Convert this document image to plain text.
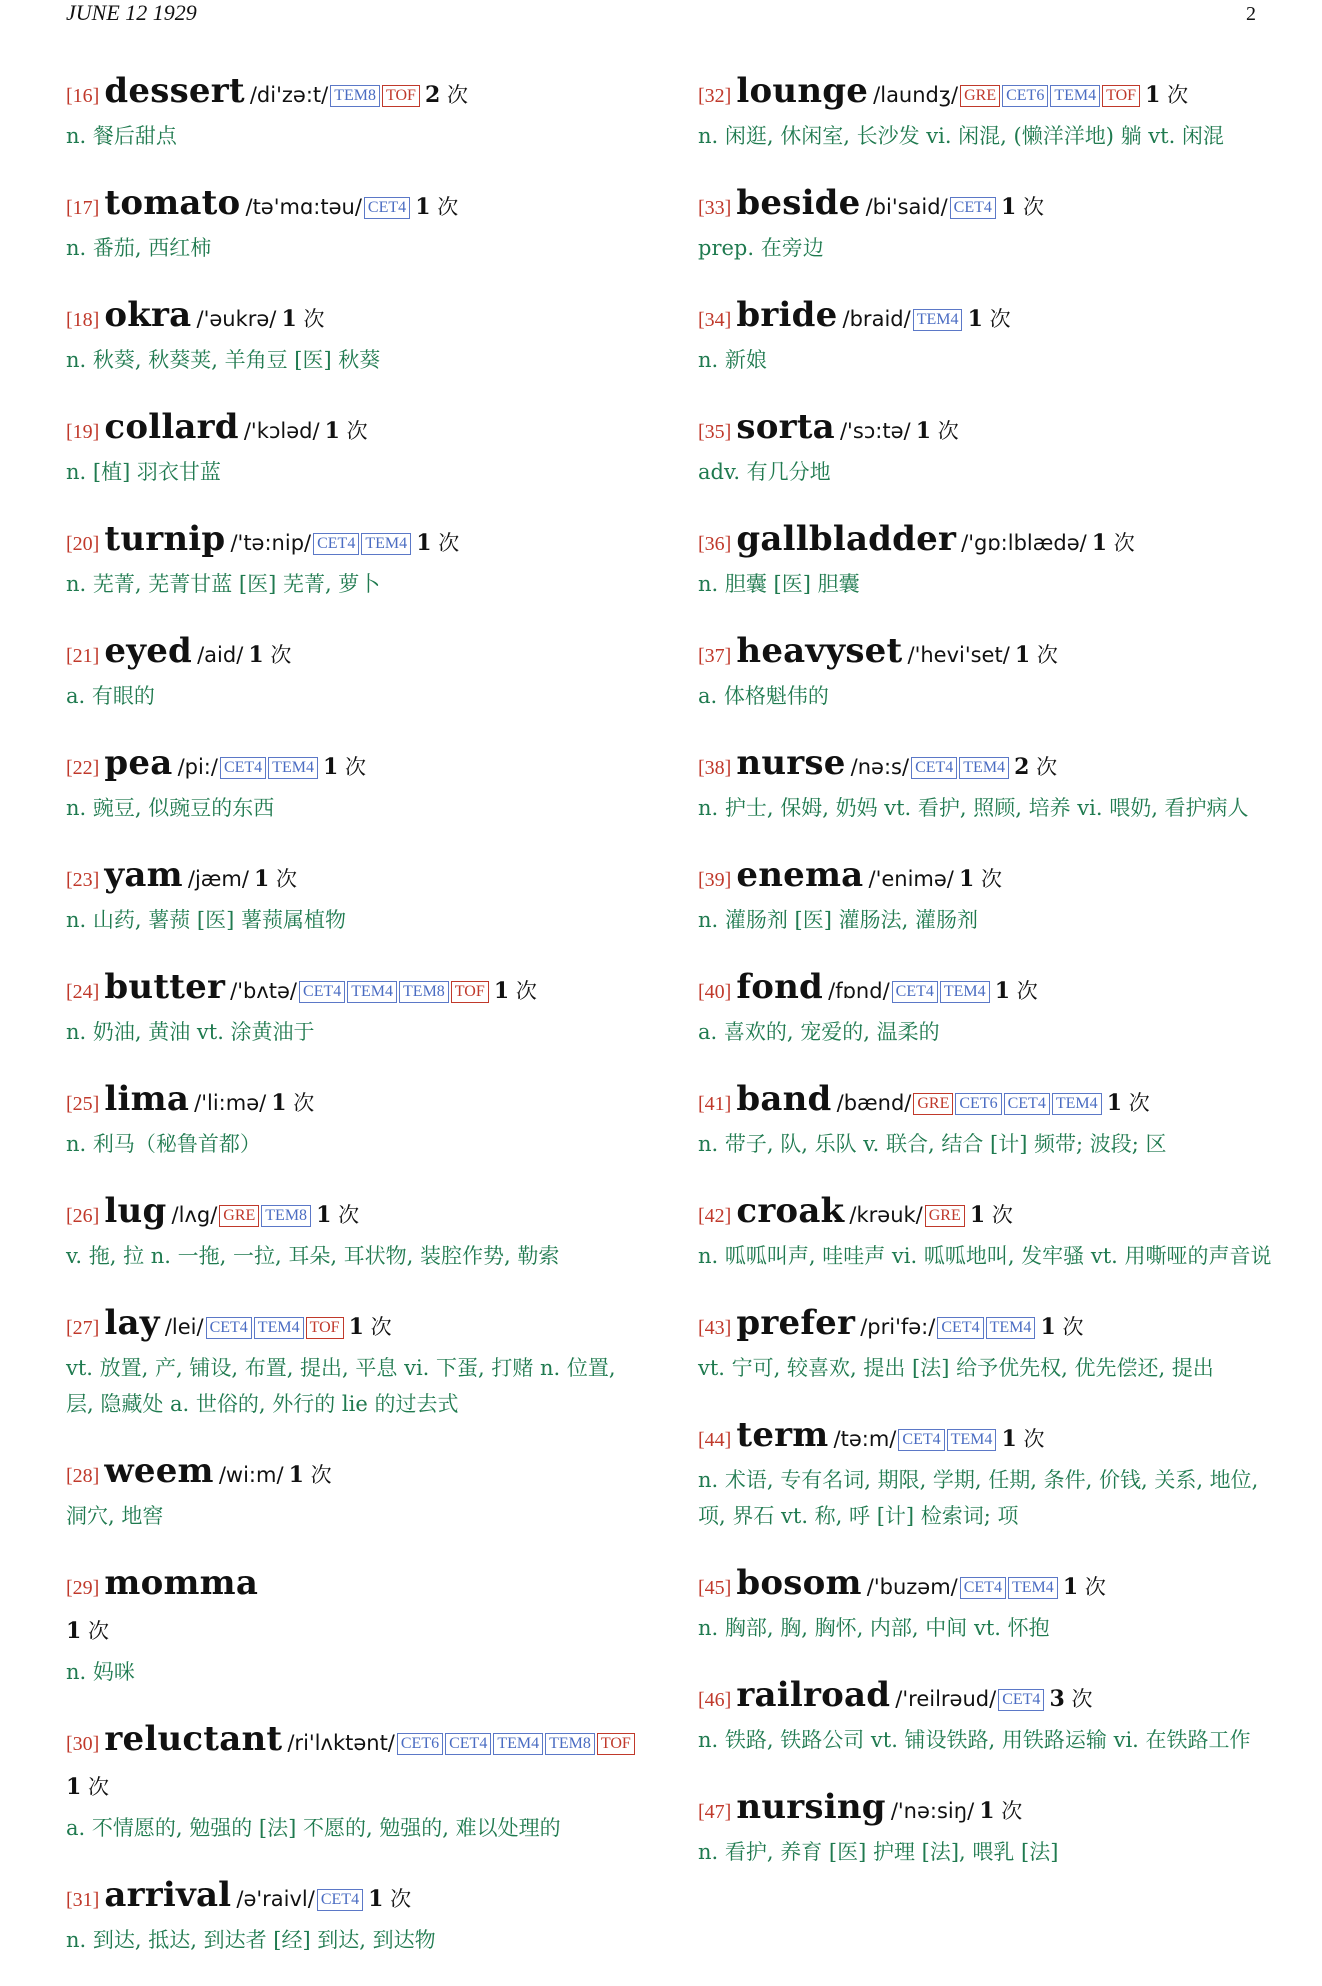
JUNE 12 1929	2
[16] dessert /di'zə:t/ TEM8 TOF 2 次
n. 餐后甜点
[17] tomato /tə'mɑ:təu/ CET4 1 次
n. 番茄, 西红柿
[18] okra /'əukrə/ 1 次
n. 秋葵, 秋葵荚, 羊角豆 [医] 秋葵
[19] collard /'kɔləd/ 1 次
n. [植] 羽衣甘蓝
[20] turnip /'tə:nip/ CET4 TEM4 1 次
n. 芜菁, 芜菁甘蓝 [医] 芜菁, 萝卜
[21] eyed /aid/ 1 次
a. 有眼的
[22] pea /pi:/ CET4 TEM4 1 次
n. 豌豆, 似豌豆的东西
[23] yam /jæm/ 1 次
n. 山药, 薯蓣 [医] 薯蓣属植物
[24] butter /'bʌtə/ CET4 TEM4 TEM8 TOF 1 次
n. 奶油, 黄油 vt. 涂黄油于
[25] lima /'li:mə/ 1 次
n. 利马（秘鲁首都）
[26] lug /lʌg/ GRE TEM8 1 次
v. 拖, 拉 n. 一拖, 一拉, 耳朵, 耳状物, 装腔作势, 勒索
[27] lay /lei/ CET4 TEM4 TOF 1 次
vt. 放置, 产, 铺设, 布置, 提出, 平息 vi. 下蛋, 打赌 n. 位置, 层, 隐藏处 a. 世俗的, 外行的 lie 的过去式
[28] weem /wi:m/ 1 次
洞穴, 地窖
[29] momma
1 次
n. 妈咪
[30] reluctant /ri'lʌktənt/ CET6 CET4 TEM4 TEM8 TOF 1 次
a. 不情愿的, 勉强的 [法] 不愿的, 勉强的, 难以处理的
[31] arrival /ə'raivl/ CET4 1 次
n. 到达, 抵达, 到达者 [经] 到达, 到达物
[32] lounge /laundʒ/ GRE CET6 TEM4 TOF 1 次
n. 闲逛, 休闲室, 长沙发 vi. 闲混, (懒洋洋地) 躺 vt. 闲混
[33] beside /bi'said/ CET4 1 次
prep. 在旁边
[34] bride /braid/ TEM4 1 次
n. 新娘
[35] sorta /'sɔ:tə/ 1 次
adv. 有几分地
[36] gallbladder /'gɒ:lblædə/ 1 次
n. 胆囊 [医] 胆囊
[37] heavyset /'hevi'set/ 1 次
a. 体格魁伟的
[38] nurse /nə:s/ CET4 TEM4 2 次
n. 护士, 保姆, 奶妈 vt. 看护, 照顾, 培养 vi. 喂奶, 看护病人
[39] enema /'enimə/ 1 次
n. 灌肠剂 [医] 灌肠法, 灌肠剂
[40] fond /fɒnd/ CET4 TEM4 1 次
a. 喜欢的, 宠爱的, 温柔的
[41] band /bænd/ GRE CET6 CET4 TEM4 1 次
n. 带子, 队, 乐队 v. 联合, 结合 [计] 频带; 波段; 区
[42] croak /krəuk/ GRE 1 次
n. 呱呱叫声, 哇哇声 vi. 呱呱地叫, 发牢骚 vt. 用嘶哑的声音说
[43] prefer /pri'fə:/ CET4 TEM4 1 次
vt. 宁可, 较喜欢, 提出 [法] 给予优先权, 优先偿还, 提出
[44] term /tə:m/ CET4 TEM4 1 次
n. 术语, 专有名词, 期限, 学期, 任期, 条件, 价钱, 关系, 地位, 项, 界石 vt. 称, 呼 [计] 检索词; 项
[45] bosom /'buzəm/ CET4 TEM4 1 次
n. 胸部, 胸, 胸怀, 内部, 中间 vt. 怀抱
[46] railroad /'reilrəud/ CET4 3 次
n. 铁路, 铁路公司 vt. 铺设铁路, 用铁路运输 vi. 在铁路工作
[47] nursing /'nə:siŋ/ 1 次
n. 看护, 养育 [医] 护理 [法], 喂乳 [法]
